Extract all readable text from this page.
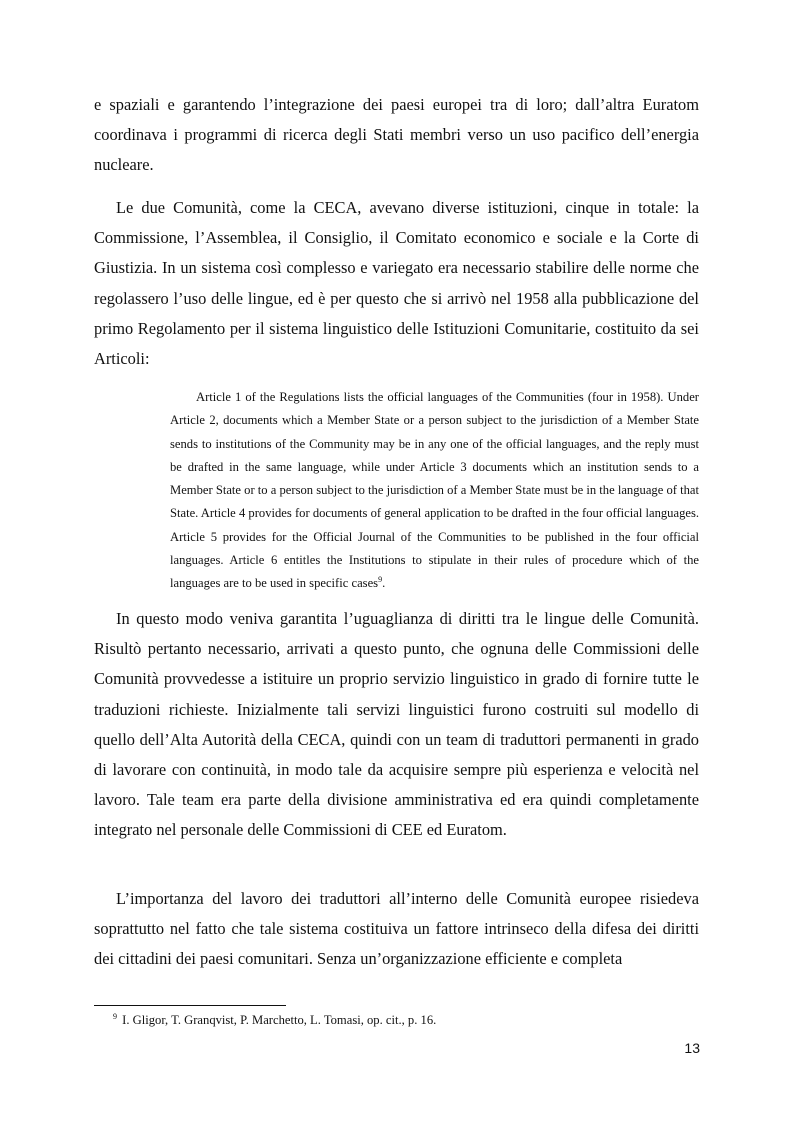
e spaziali e garantendo l’integrazione dei paesi europei tra di loro; dall’altra Euratom coordinava i programmi di ricerca degli Stati membri verso un uso pacifico dell’energia nucleare.

Le due Comunità, come la CECA, avevano diverse istituzioni, cinque in totale: la Commissione, l’Assemblea, il Consiglio, il Comitato economico e sociale e la Corte di Giustizia. In un sistema così complesso e variegato era necessario stabilire delle norme che regolassero l’uso delle lingue, ed è per questo che si arrivò nel 1958 alla pubblicazione del primo Regolamento per il sistema linguistico delle Istituzioni Comunitarie, costituito da sei Articoli:

Article 1 of the Regulations lists the official languages of the Communities (four in 1958). Under Article 2, documents which a Member State or a person subject to the jurisdiction of a Member State sends to institutions of the Community may be in any one of the official languages, and the reply must be drafted in the same language, while under Article 3 documents which an institution sends to a Member State or to a person subject to the jurisdiction of a Member State must be in the language of that State. Article 4 provides for documents of general application to be drafted in the four official languages. Article 5 provides for the Official Journal of the Communities to be published in the four official languages. Article 6 entitles the Institutions to stipulate in their rules of procedure which of the languages are to be used in specific cases$^9$.

In questo modo veniva garantita l’uguaglianza di diritti tra le lingue delle Comunità. Risultò pertanto necessario, arrivati a questo punto, che ognuna delle Commissioni delle Comunità provvedesse a istituire un proprio servizio linguistico in grado di fornire tutte le traduzioni richieste. Inizialmente tali servizi linguistici furono costruiti sul modello di quello dell’Alta Autorità della CECA, quindi con un team di traduttori permanenti in grado di lavorare con continuità, in modo tale da acquisire sempre più esperienza e velocità nel lavoro. Tale team era parte della divisione amministrativa ed era quindi completamente integrato nel personale delle Commissioni di CEE ed Euratom.

L’importanza del lavoro dei traduttori all’interno delle Comunità europee risiedeva soprattutto nel fatto che tale sistema costituiva un fattore intrinseco della difesa dei diritti dei cittadini dei paesi comunitari. Senza un’organizzazione efficiente e completa

$^9$ I. Gligor, T. Granqvist, P. Marchetto, L. Tomasi, op. cit., p. 16.

13
